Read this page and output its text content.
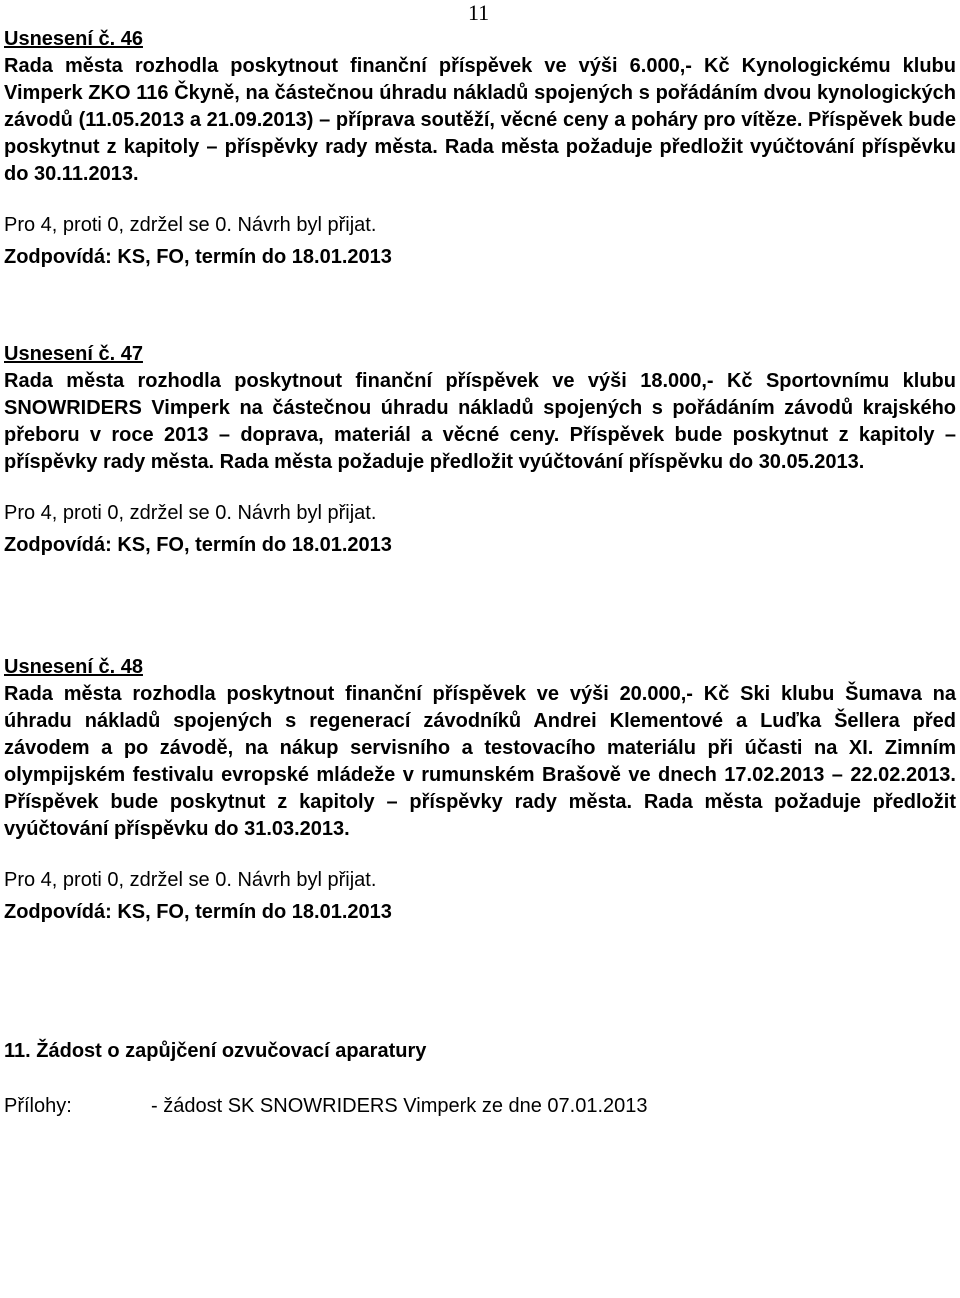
11

Usnesení č. 46

Rada města rozhodla poskytnout finanční příspěvek ve výši 6.000,- Kč Kynologickému klubu Vimperk ZKO 116 Čkyně, na částečnou úhradu nákladů spojených s pořádáním dvou kynologických závodů (11.05.2013 a 21.09.2013) – příprava soutěží, věcné ceny a poháry pro vítěze. Příspěvek bude poskytnut z kapitoly – příspěvky rady města. Rada města požaduje předložit vyúčtování příspěvku do 30.11.2013.

Pro 4, proti 0, zdržel se 0. Návrh byl přijat.

Zodpovídá: KS, FO, termín do 18.01.2013

Usnesení č. 47

Rada města rozhodla poskytnout finanční příspěvek ve výši 18.000,- Kč Sportovnímu klubu SNOWRIDERS Vimperk na částečnou úhradu nákladů spojených s pořádáním závodů krajského přeboru v roce 2013 – doprava, materiál a věcné ceny. Příspěvek bude poskytnut z kapitoly – příspěvky rady města. Rada města požaduje předložit vyúčtování příspěvku do 30.05.2013.

Pro 4, proti 0, zdržel se 0. Návrh byl přijat.

Zodpovídá: KS, FO, termín do 18.01.2013

Usnesení č. 48

Rada města rozhodla poskytnout finanční příspěvek ve výši 20.000,- Kč Ski klubu Šumava na úhradu nákladů spojených s regenerací závodníků Andrei Klementové a Luďka Šellera před závodem a po závodě, na nákup servisního a testovacího materiálu při účasti na XI. Zimním olympijském festivalu evropské mládeže v rumunském Brašově ve dnech 17.02.2013 – 22.02.2013. Příspěvek bude poskytnut z kapitoly – příspěvky rady města. Rada města požaduje předložit vyúčtování příspěvku do 31.03.2013.

Pro 4, proti 0, zdržel se 0. Návrh byl přijat.

Zodpovídá: KS, FO, termín do 18.01.2013

11. Žádost o zapůjčení ozvučovací aparatury

Přílohy:	- žádost SK SNOWRIDERS Vimperk ze dne 07.01.2013
